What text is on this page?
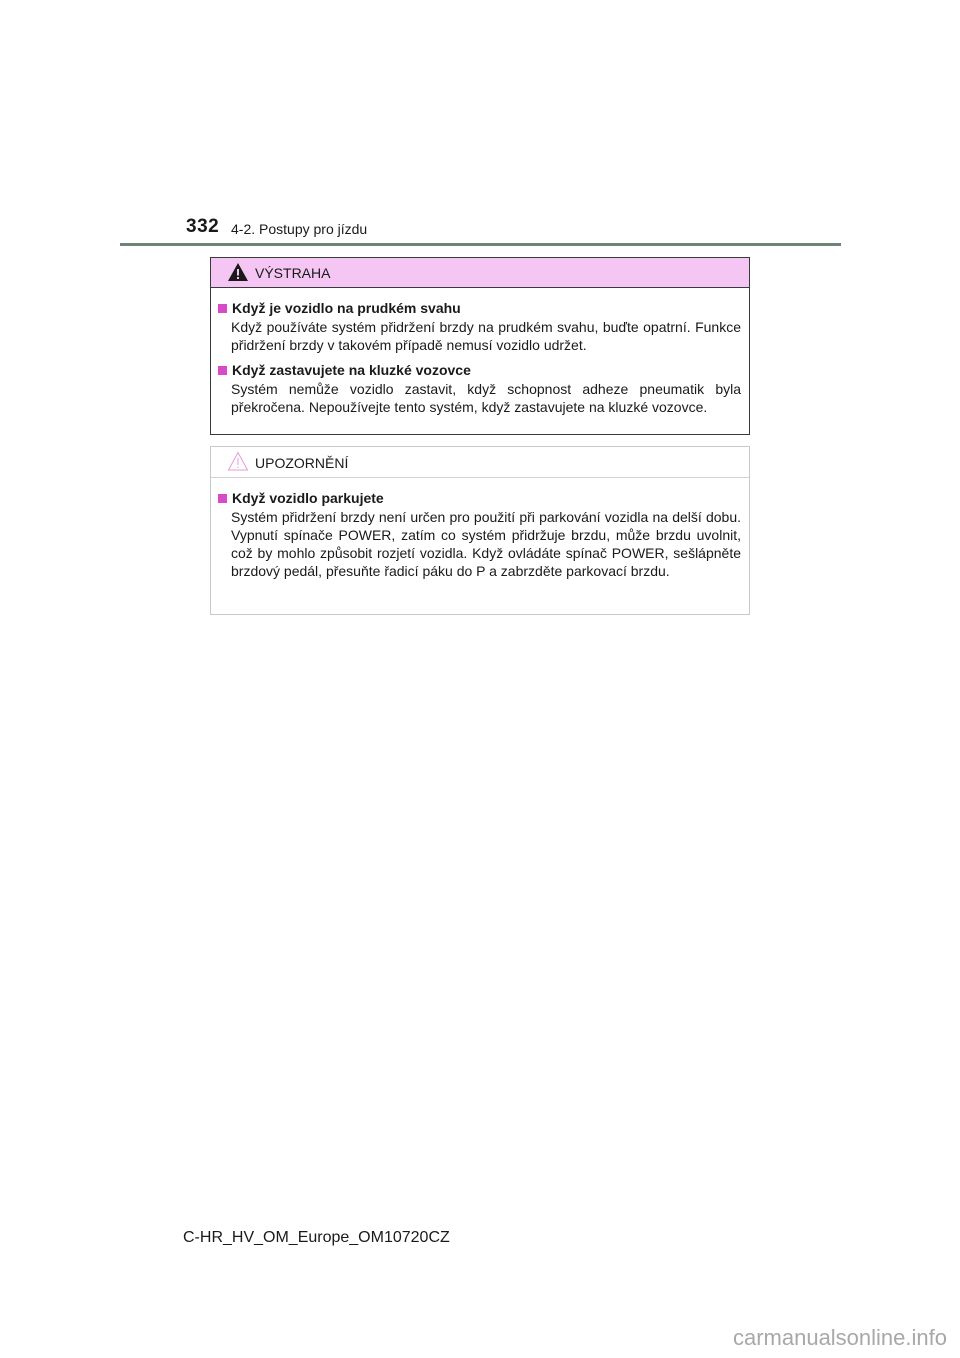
332 4-2. Postupy pro jízdu
VÝSTRAHA
Když je vozidlo na prudkém svahu
Když používáte systém přidržení brzdy na prudkém svahu, buďte opatrní. Funkce přidržení brzdy v takovém případě nemusí vozidlo udržet.
Když zastavujete na kluzké vozovce
Systém nemůže vozidlo zastavit, když schopnost adheze pneumatik byla překročena. Nepoužívejte tento systém, když zastavujete na kluzké vozovce.
UPOZORNĚNÍ
Když vozidlo parkujete
Systém přidržení brzdy není určen pro použití při parkování vozidla na delší dobu. Vypnutí spínače POWER, zatím co systém přidržuje brzdu, může brzdu uvolnit, což by mohlo způsobit rozjetí vozidla. Když ovládáte spínač POWER, sešlápněte brzdový pedál, přesuňte řadicí páku do P a zabrzděte parkovací brzdu.
C-HR_HV_OM_Europe_OM10720CZ
carmanualsonline.info
